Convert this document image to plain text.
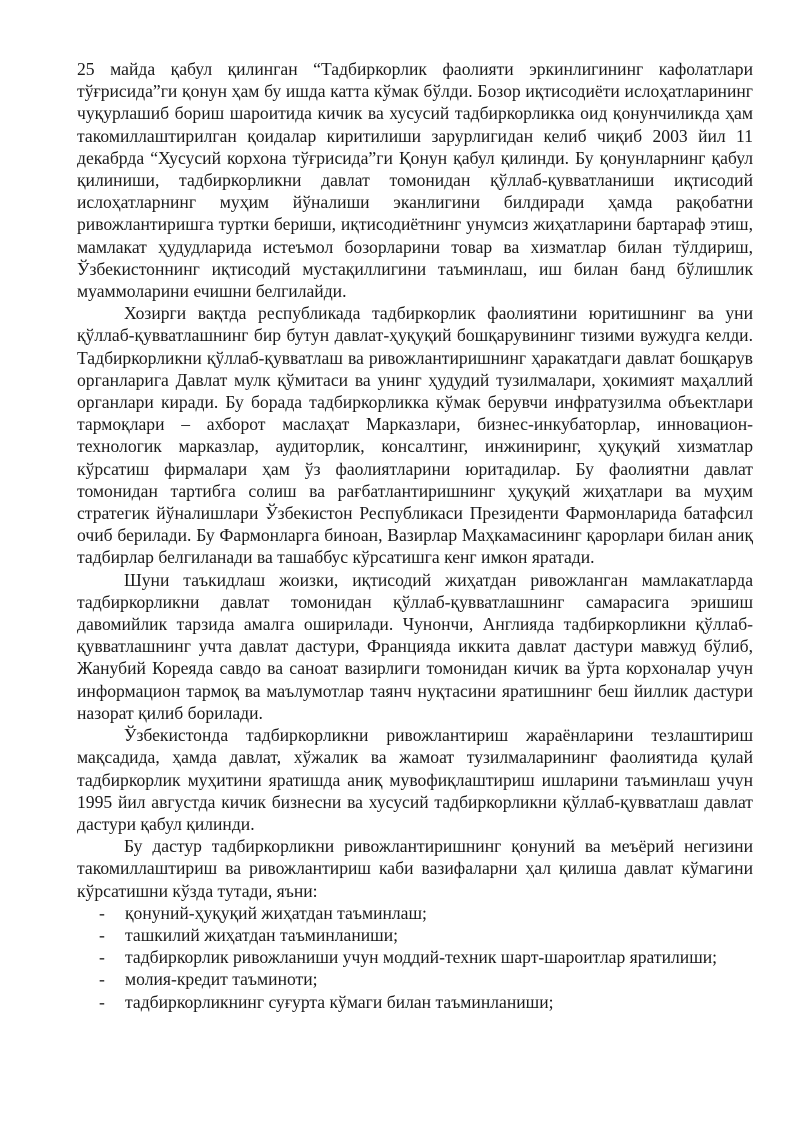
25 майда қабул қилинган “Тадбиркорлик фаолияти эркинлигининг кафолатлари тўғрисида”ги қонун ҳам бу ишда катта кўмак бўлди. Бозор иқтисодиёти ислоҳатларининг чуқурлашиб бориш шароитида кичик ва хусусий тадбиркорликка оид қонунчиликда ҳам такомиллаштирилган қоидалар киритилиши зарурлигидан келиб чиқиб 2003 йил 11 декабрда “Хусусий корхона тўғрисида”ги Қонун қабул қилинди. Бу қонунларнинг қабул қилиниши, тадбиркорликни давлат томонидан қўллаб-қувватланиши иқтисодий ислоҳатларнинг муҳим йўналиши эканлигини билдиради ҳамда рақобатни ривожлантиришга туртки бериши, иқтисодиётнинг унумсиз жиҳатларини бартараф этиш, мамлакат ҳудудларида истеъмол бозорларини товар ва хизматлар билан тўлдириш, Ўзбекистоннинг иқтисодий мустақиллигини таъминлаш, иш билан банд бўлишлик муаммоларини ечишни белгилайди.

Хозирги вақтда республикада тадбиркорлик фаолиятини юритишнинг ва уни қўллаб-қувватлашнинг бир бутун давлат-ҳуқуқий бошқарувининг тизими вужудга келди. Тадбиркорликни қўллаб-қувватлаш ва ривожлантиришнинг ҳаракатдаги давлат бошқарув органларига Давлат мулк қўмитаси ва унинг ҳудудий тузилмалари, ҳокимият маҳаллий органлари киради. Бу борада тадбиркорликка кўмак берувчи инфратузилма объектлари тармоқлари – ахборот маслаҳат Марказлари, бизнес-инкубаторлар, инновацион-технологик марказлар, аудиторлик, консалтинг, инжиниринг, ҳуқуқий хизматлар кўрсатиш фирмалари ҳам ўз фаолиятларини юритадилар. Бу фаолиятни давлат томонидан тартибга солиш ва рағбатлантиришнинг ҳуқуқий жиҳатлари ва муҳим стратегик йўналишлари Ўзбекистон Республикаси Президенти Фармонларида батафсил очиб берилади. Бу Фармонларга биноан, Вазирлар Маҳкамасининг қарорлари билан аниқ тадбирлар белгиланади ва ташаббус кўрсатишга кенг имкон яратади.

Шуни таъкидлаш жоизки, иқтисодий жиҳатдан ривожланган мамлакатларда тадбиркорликни давлат томонидан қўллаб-қувватлашнинг самарасига эришиш давомийлик тарзида амалга оширилади. Чунончи, Англияда тадбиркорликни қўллаб-қувватлашнинг учта давлат дастури, Францияда иккита давлат дастури мавжуд бўлиб, Жанубий Кореяда савдо ва саноат вазирлиги томонидан кичик ва ўрта корхоналар учун информацион тармоқ ва маълумотлар таянч нуқтасини яратишнинг беш йиллик дастури назорат қилиб борилади.

Ўзбекистонда тадбиркорликни ривожлантириш жараёнларини тезлаштириш мақсадида, ҳамда давлат, хўжалик ва жамоат тузилмаларининг фаолиятида қулай тадбиркорлик муҳитини яратишда аниқ мувофиқлаштириш ишларини таъминлаш учун 1995 йил августда кичик бизнесни ва хусусий тадбиркорликни қўллаб-қувватлаш давлат дастури қабул қилинди.

Бу дастур тадбиркорликни ривожлантиришнинг қонуний ва меъёрий негизини такомиллаштириш ва ривожлантириш каби вазифаларни ҳал қилиша давлат кўмагини кўрсатишни кўзда тутади, яъни:

- қонуний-ҳуқуқий жиҳатдан таъминлаш;
- ташкилий жиҳатдан таъминланиши;
- тадбиркорлик ривожланиши учун моддий-техник шарт-шароитлар яратилиши;
- молия-кредит таъминоти;
- тадбиркорликнинг суғурта кўмаги билан таъминланиши;
